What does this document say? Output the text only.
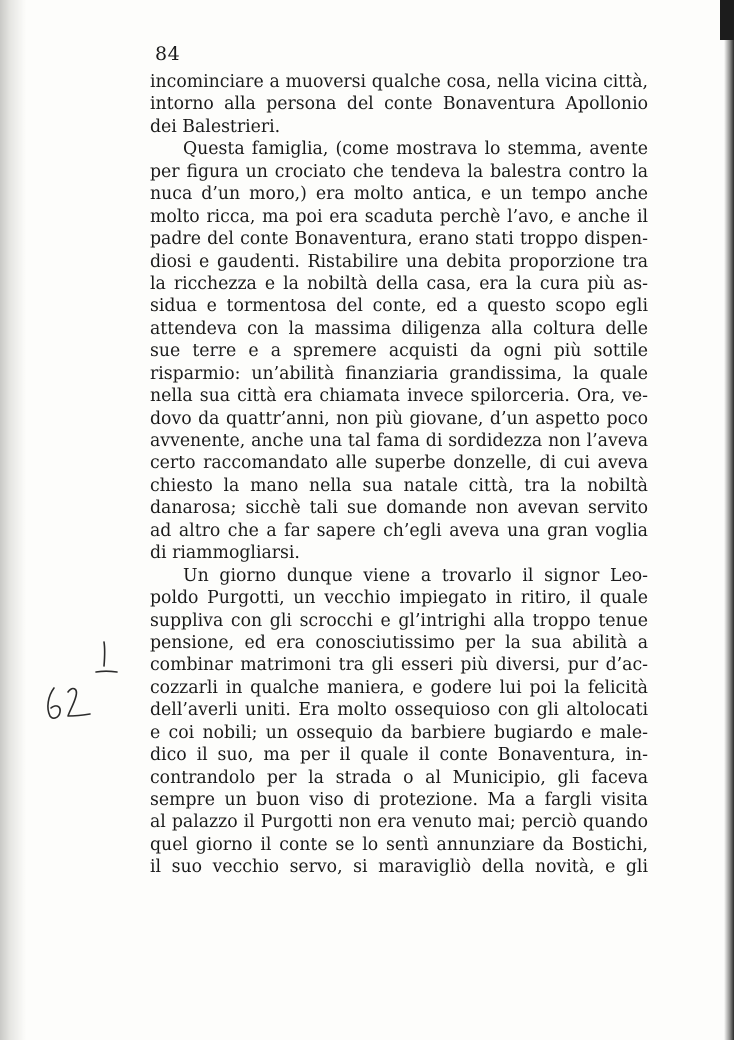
84
incominciare a muoversi qualche cosa, nella vicina città,
intorno alla persona del conte Bonaventura Apollonio
dei Balestrieri.
Questa famiglia, (come mostrava lo stemma, avente
per figura un crociato che tendeva la balestra contro la
nuca d’un moro,) era molto antica, e un tempo anche
molto ricca, ma poi era scaduta perchè l’avo, e anche il
padre del conte Bonaventura, erano stati troppo dispen-
diosi e gaudenti. Ristabilire una debita proporzione tra
la ricchezza e la nobiltà della casa, era la cura più as-
sidua e tormentosa del conte, ed a questo scopo egli
attendeva con la massima diligenza alla coltura delle
sue terre e a spremere acquisti da ogni più sottile
risparmio: un’abilità finanziaria grandissima, la quale
nella sua città era chiamata invece spilorceria. Ora, ve-
dovo da quattr’anni, non più giovane, d’un aspetto poco
avvenente, anche una tal fama di sordidezza non l’aveva
certo raccomandato alle superbe donzelle, di cui aveva
chiesto la mano nella sua natale città, tra la nobiltà
danarosa; sicchè tali sue domande non avevan servito
ad altro che a far sapere ch’egli aveva una gran voglia
di riammogliarsi.
Un giorno dunque viene a trovarlo il signor Leo-
poldo Purgotti, un vecchio impiegato in ritiro, il quale
suppliva con gli scrocchi e gl’intrighi alla troppo tenue
pensione, ed era conosciutissimo per la sua abilità a
combinar matrimoni tra gli esseri più diversi, pur d’ac-
cozzarli in qualche maniera, e godere lui poi la felicità
dell’averli uniti. Era molto ossequioso con gli altolocati
e coi nobili; un ossequio da barbiere bugiardo e male-
dico il suo, ma per il quale il conte Bonaventura, in-
contrandolo per la strada o al Municipio, gli faceva
sempre un buon viso di protezione. Ma a fargli visita
al palazzo il Purgotti non era venuto mai; perciò quando
quel giorno il conte se lo sentì annunziare da Bostichi,
il suo vecchio servo, si maravigliò della novità, e gli
